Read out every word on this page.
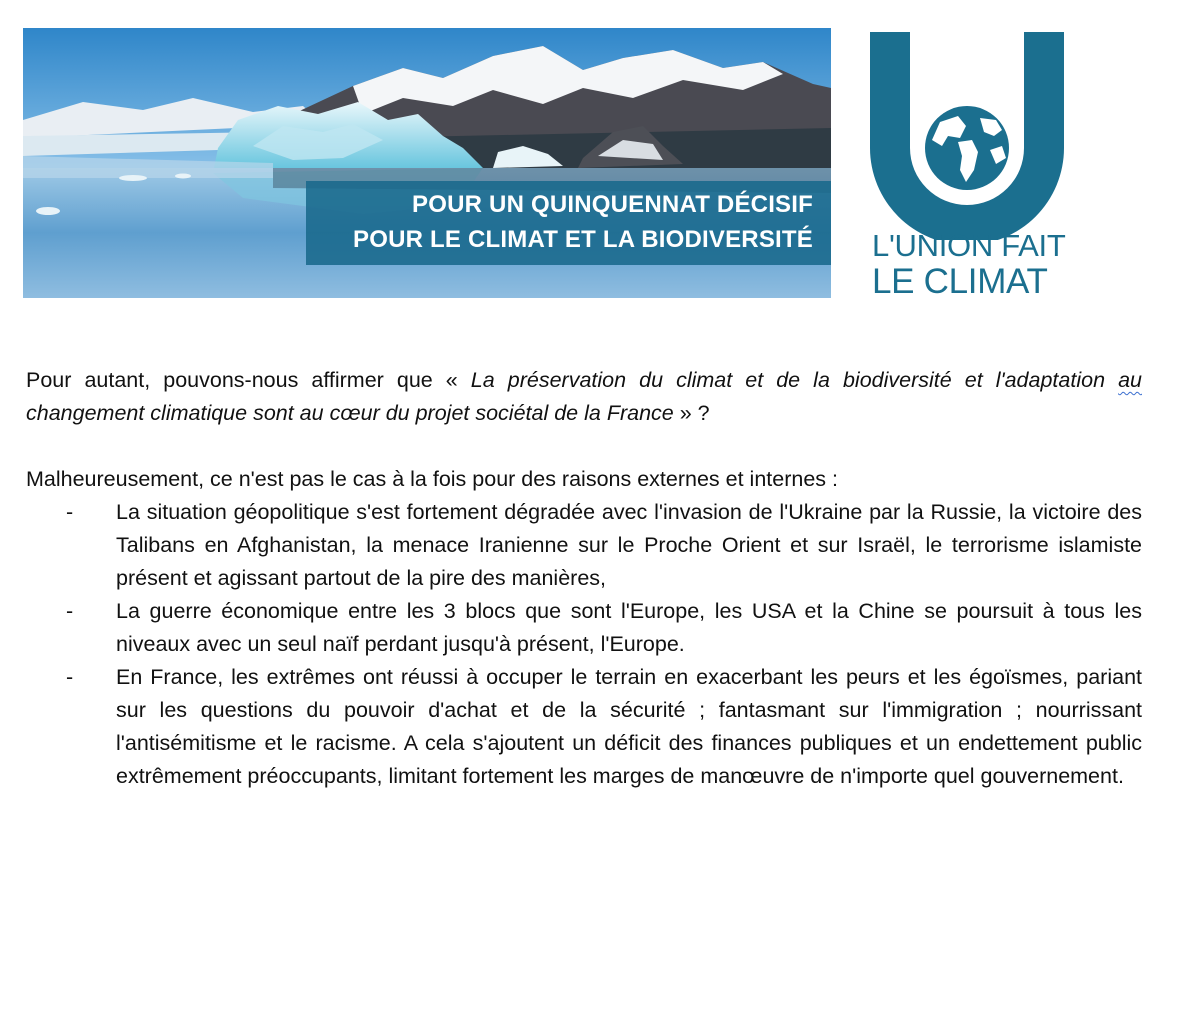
POUR UN QUINQUENNAT DÉCISIF
POUR LE CLIMAT ET LA BIODIVERSITÉ L'UNION FAIT
LE CLIMAT

Pour autant, pouvons-nous affirmer que « La préservation du climat et de la biodiversité et l'adaptation au changement climatique sont au cœur du projet sociétal de la France » ?

Malheureusement, ce n'est pas le cas à la fois pour des raisons externes et internes :

- La situation géopolitique s'est fortement dégradée avec l'invasion de l'Ukraine par la Russie, la victoire des Talibans en Afghanistan, la menace Iranienne sur le Proche Orient et sur Israël, le terrorisme islamiste présent et agissant partout de la pire des manières,
- La guerre économique entre les 3 blocs que sont l'Europe, les USA et la Chine se poursuit à tous les niveaux avec un seul naïf perdant jusqu'à présent, l'Europe.
- En France, les extrêmes ont réussi à occuper le terrain en exacerbant les peurs et les égoïsmes, pariant sur les questions du pouvoir d'achat et de la sécurité ; fantasmant sur l'immigration ; nourrissant l'antisémitisme et le racisme. A cela s'ajoutent un déficit des finances publiques et un endettement public extrêmement préoccupants, limitant fortement les marges de manœuvre de n'importe quel gouvernement.
